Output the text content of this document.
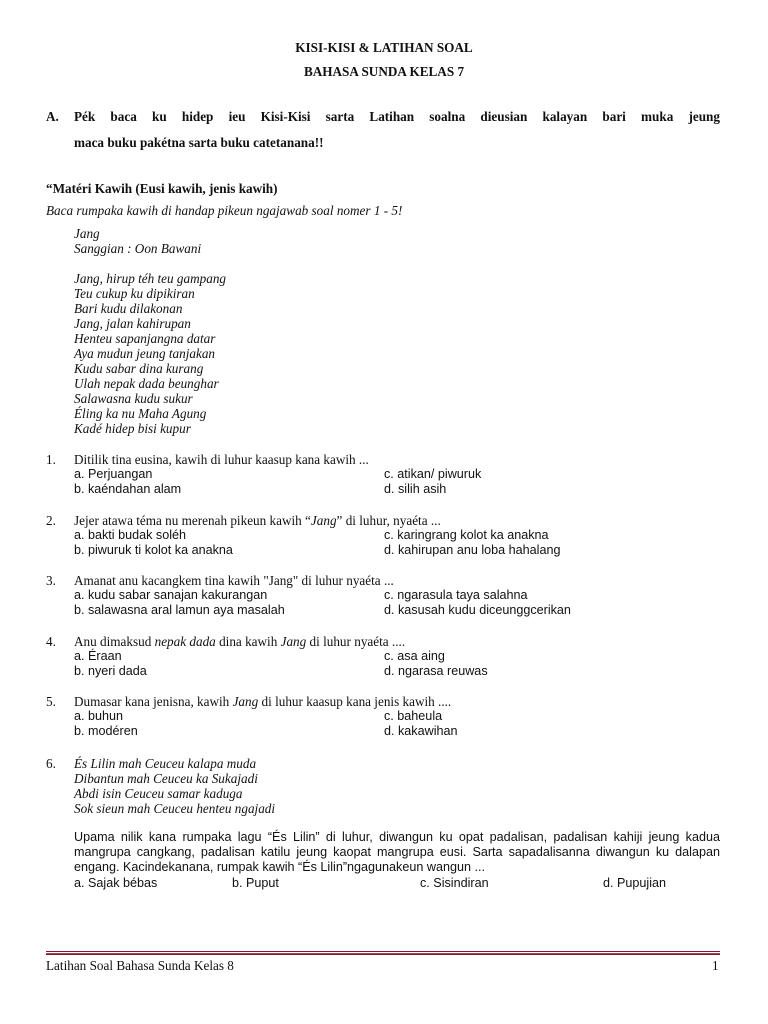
KISI-KISI & LATIHAN SOAL
BAHASA SUNDA KELAS 7
A. Pék baca ku hidep ieu Kisi-Kisi sarta Latihan soalna dieusian kalayan bari muka jeung
maca buku pakétna sarta buku catetanana!!
“Matéri Kawih (Eusi kawih, jenis kawih)
Baca rumpaka kawih di handap pikeun ngajawab soal nomer 1 - 5!
Jang
Sanggian : Oon Bawani
Jang, hirup téh teu gampang
Teu cukup ku dipikiran
Bari kudu dilakonan
Jang, jalan kahirupan
Henteu sapanjangna datar
Aya mudun jeung tanjakan
Kudu sabar dina kurang
Ulah nepak dada beunghar
Salawasna kudu sukur
Éling ka nu Maha Agung
Kadé hidep bisi kupur
1. Ditilik tina eusina, kawih di luhur kaasup kana kawih ...
a. Perjuangan
b. kaéndahan alam
c. atikan/ piwuruk
d. silih asih
2. Jejer atawa téma nu merenah pikeun kawih “Jang” di luhur, nyaéta ...
a. bakti budak soléh
b. piwuruk ti kolot ka anakna
c. karingrang kolot ka anakna
d. kahirupan anu loba hahalang
3. Amanat anu kacangkem tina kawih "Jang" di luhur nyaéta ...
a. kudu sabar sanajan kakurangan
b. salawasna aral lamun aya masalah
c. ngarasula taya salahna
d. kasusah kudu diceunggcerikan
4. Anu dimaksud nepak dada dina kawih Jang di luhur nyaéta ....
a. Éraan
b. nyeri dada
c. asa aing
d. ngarasa reuwas
5. Dumasar kana jenisna, kawih Jang di luhur kaasup kana jenis kawih ....
a. buhun
b. modéren
c. baheula
d. kakawihan
6. És Lilin mah Ceuceu kalapa muda
Dibantun mah Ceuceu ka Sukajadi
Abdi isin Ceuceu samar kaduga
Sok sieun mah Ceuceu henteu ngajadi
Upama nilik kana rumpaka lagu “És Lilin” di luhur, diwangun ku opat padalisan, padalisan kahiji jeung kadua mangrupa cangkang, padalisan katilu jeung kaopat mangrupa eusi. Sarta sapadalisanna diwangun ku dalapan engang. Kacindekanana, rumpak kawih “És Lilin”ngagunakeun wangun ...
a. Sajak bébas	b. Puput	c. Sisindiran	d. Pupujian
Latihan Soal Bahasa Sunda Kelas 8	1
